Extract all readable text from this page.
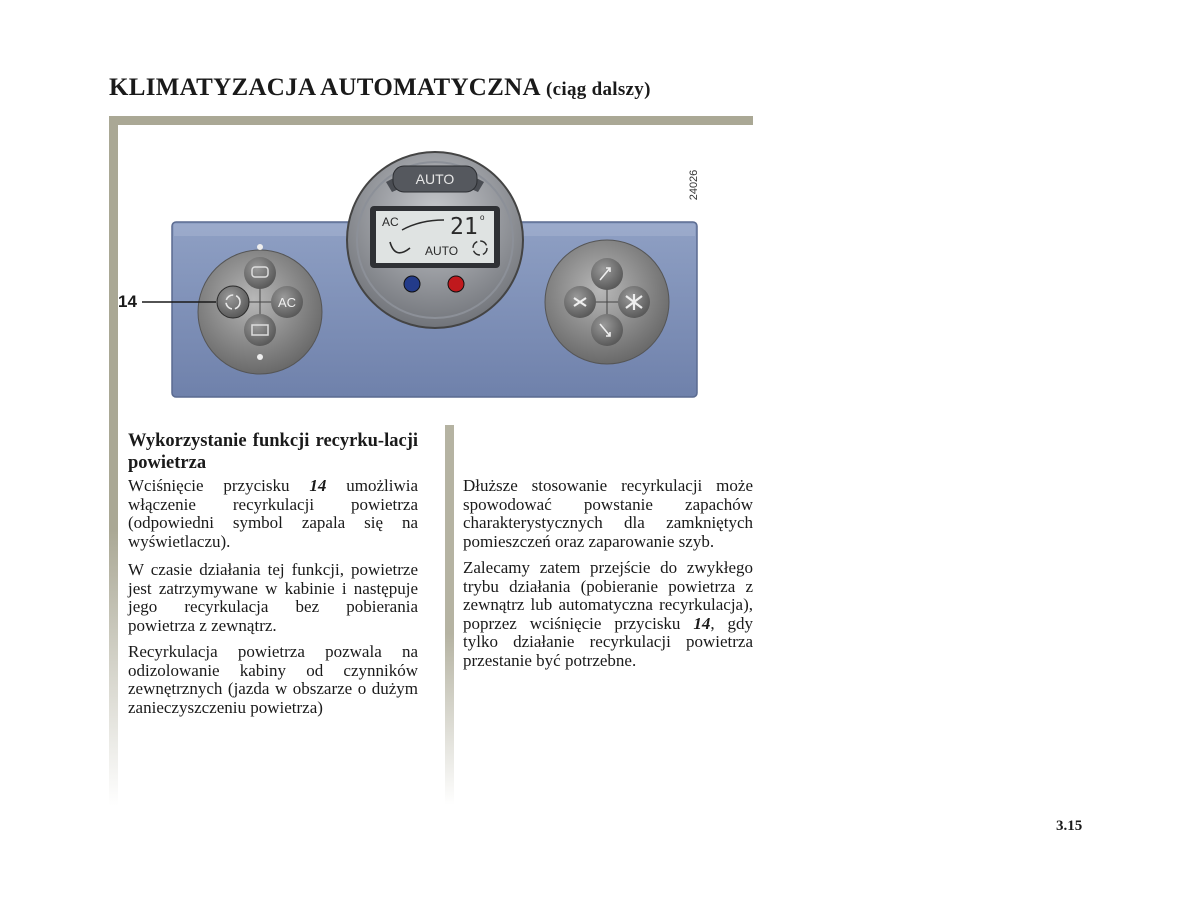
KLIMATYZACJA AUTOMATYCZNA (ciąg dalszy)
AC
AUTO
AC 21 o
AUTO
14
24026
Wykorzystanie funkcji recyrku-lacji powietrza

Wciśnięcie przycisku 14 umożliwia włączenie recyrkulacji powietrza (odpowiedni symbol zapala się na wyświetlaczu).

W czasie działania tej funkcji, powietrze jest zatrzymywane w kabinie i następuje jego recyrkulacja bez pobierania powietrza z zewnątrz.

Recyrkulacja powietrza pozwala na odizolowanie kabiny od czynników zewnętrznych (jazda w obszarze o dużym zanieczyszczeniu powietrza)

Dłuższe stosowanie recyrkulacji może spowodować powstanie zapachów charakterystycznych dla zamkniętych pomieszczeń oraz zaparowanie szyb.

Zalecamy zatem przejście do zwykłego trybu działania (pobieranie powietrza z zewnątrz lub automatyczna recyrkulacja), poprzez wciśnięcie przycisku 14, gdy tylko działanie recyrkulacji powietrza przestanie być potrzebne.

3.15
